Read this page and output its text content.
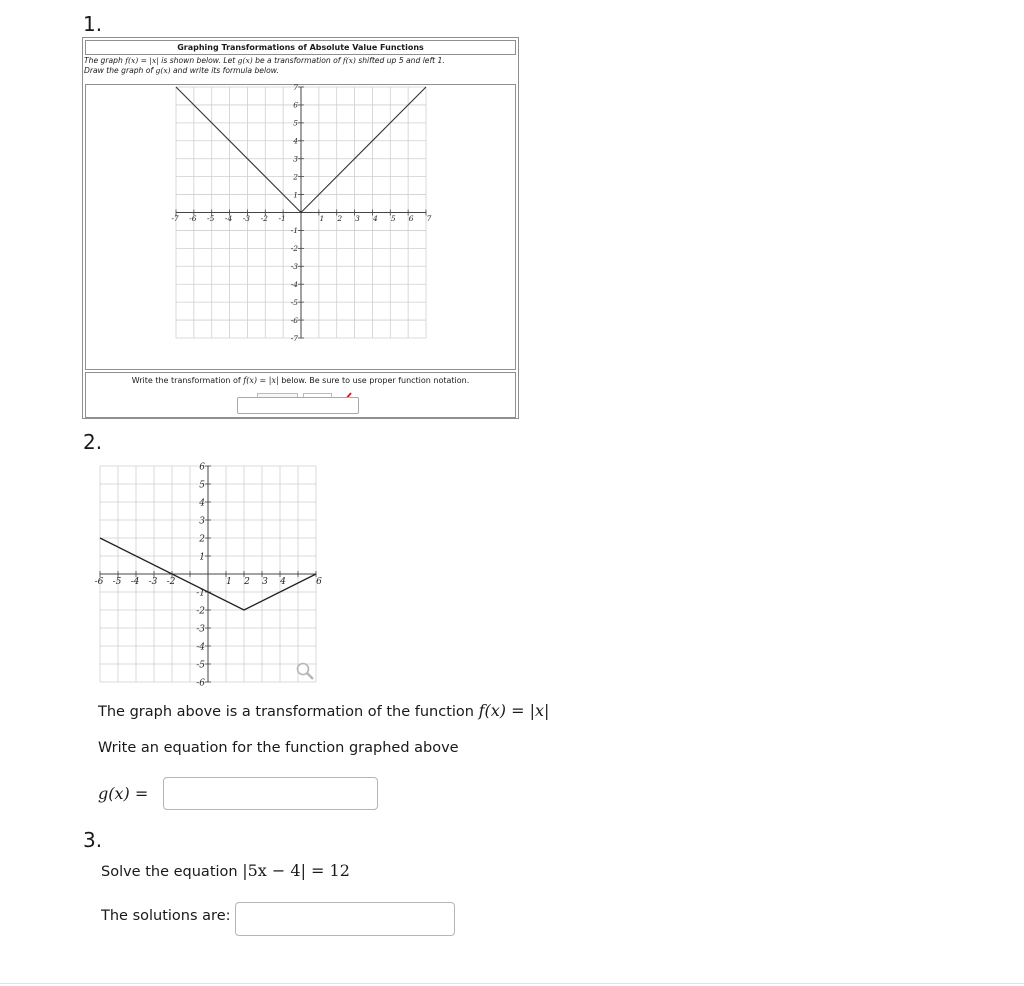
1.
Graphing Transformations of Absolute Value Functions
The graph f(x) = |x| is shown below. Let g(x) be a transformation of f(x) shifted up 5 and left 1.
Draw the graph of g(x) and write its formula below.
-7 -6 -5 -4 -3 -2 -1	1 2 3 4 5 6 7
7
6
5
4
3
2
1
-1
-2
-3
-4
-5
-6
-7
Write the transformation of f(x) = |x| below. Be sure to use proper function notation.
2.
-6 -5 -4 -3 -2	1 2 3 4	6
6
5
4
3
2
1
-1
-2
-3
-4
-5
-6
The graph above is a transformation of the function f(x) = |x|
Write an equation for the function graphed above
g(x) =
3.
Solve the equation |5x − 4| = 12
The solutions are:
